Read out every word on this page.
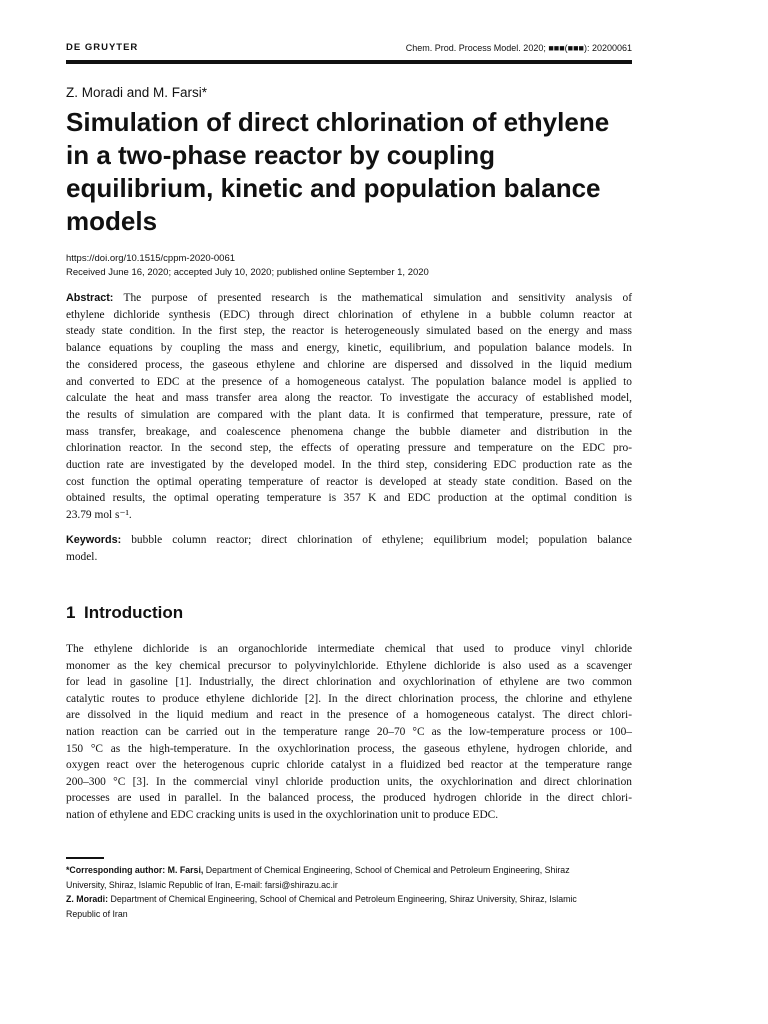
DE GRUYTER	Chem. Prod. Process Model. 2020; ■■■(■■■): 20200061
Z. Moradi and M. Farsi*
Simulation of direct chlorination of ethylene
in a two-phase reactor by coupling
equilibrium, kinetic and population balance
models
https://doi.org/10.1515/cppm-2020-0061
Received June 16, 2020; accepted July 10, 2020; published online September 1, 2020
Abstract: The purpose of presented research is the mathematical simulation and sensitivity analysis of
ethylene dichloride synthesis (EDC) through direct chlorination of ethylene in a bubble column reactor at
steady state condition. In the first step, the reactor is heterogeneously simulated based on the energy and mass
balance equations by coupling the mass and energy, kinetic, equilibrium, and population balance models. In
the considered process, the gaseous ethylene and chlorine are dispersed and dissolved in the liquid medium
and converted to EDC at the presence of a homogeneous catalyst. The population balance model is applied to
calculate the heat and mass transfer area along the reactor. To investigate the accuracy of established model,
the results of simulation are compared with the plant data. It is confirmed that temperature, pressure, rate of
mass transfer, breakage, and coalescence phenomena change the bubble diameter and distribution in the
chlorination reactor. In the second step, the effects of operating pressure and temperature on the EDC pro-
duction rate are investigated by the developed model. In the third step, considering EDC production rate as the
cost function the optimal operating temperature of reactor is developed at steady state condition. Based on the
obtained results, the optimal operating temperature is 357 K and EDC production at the optimal condition is
23.79 mol s⁻¹.
Keywords: bubble column reactor; direct chlorination of ethylene; equilibrium model; population balance
model.
1 Introduction
The ethylene dichloride is an organochloride intermediate chemical that used to produce vinyl chloride
monomer as the key chemical precursor to polyvinylchloride. Ethylene dichloride is also used as a scavenger
for lead in gasoline [1]. Industrially, the direct chlorination and oxychlorination of ethylene are two common
catalytic routes to produce ethylene dichloride [2]. In the direct chlorination process, the chlorine and ethylene
are dissolved in the liquid medium and react in the presence of a homogeneous catalyst. The direct chlori-
nation reaction can be carried out in the temperature range 20–70 °C as the low-temperature process or 100–
150 °C as the high-temperature. In the oxychlorination process, the gaseous ethylene, hydrogen chloride, and
oxygen react over the heterogenous cupric chloride catalyst in a fluidized bed reactor at the temperature range
200–300 °C [3]. In the commercial vinyl chloride production units, the oxychlorination and direct chlorination
processes are used in parallel. In the balanced process, the produced hydrogen chloride in the direct chlori-
nation of ethylene and EDC cracking units is used in the oxychlorination unit to produce EDC.
*Corresponding author: M. Farsi, Department of Chemical Engineering, School of Chemical and Petroleum Engineering, Shiraz
University, Shiraz, Islamic Republic of Iran, E-mail: farsi@shirazu.ac.ir
Z. Moradi: Department of Chemical Engineering, School of Chemical and Petroleum Engineering, Shiraz University, Shiraz, Islamic
Republic of Iran
